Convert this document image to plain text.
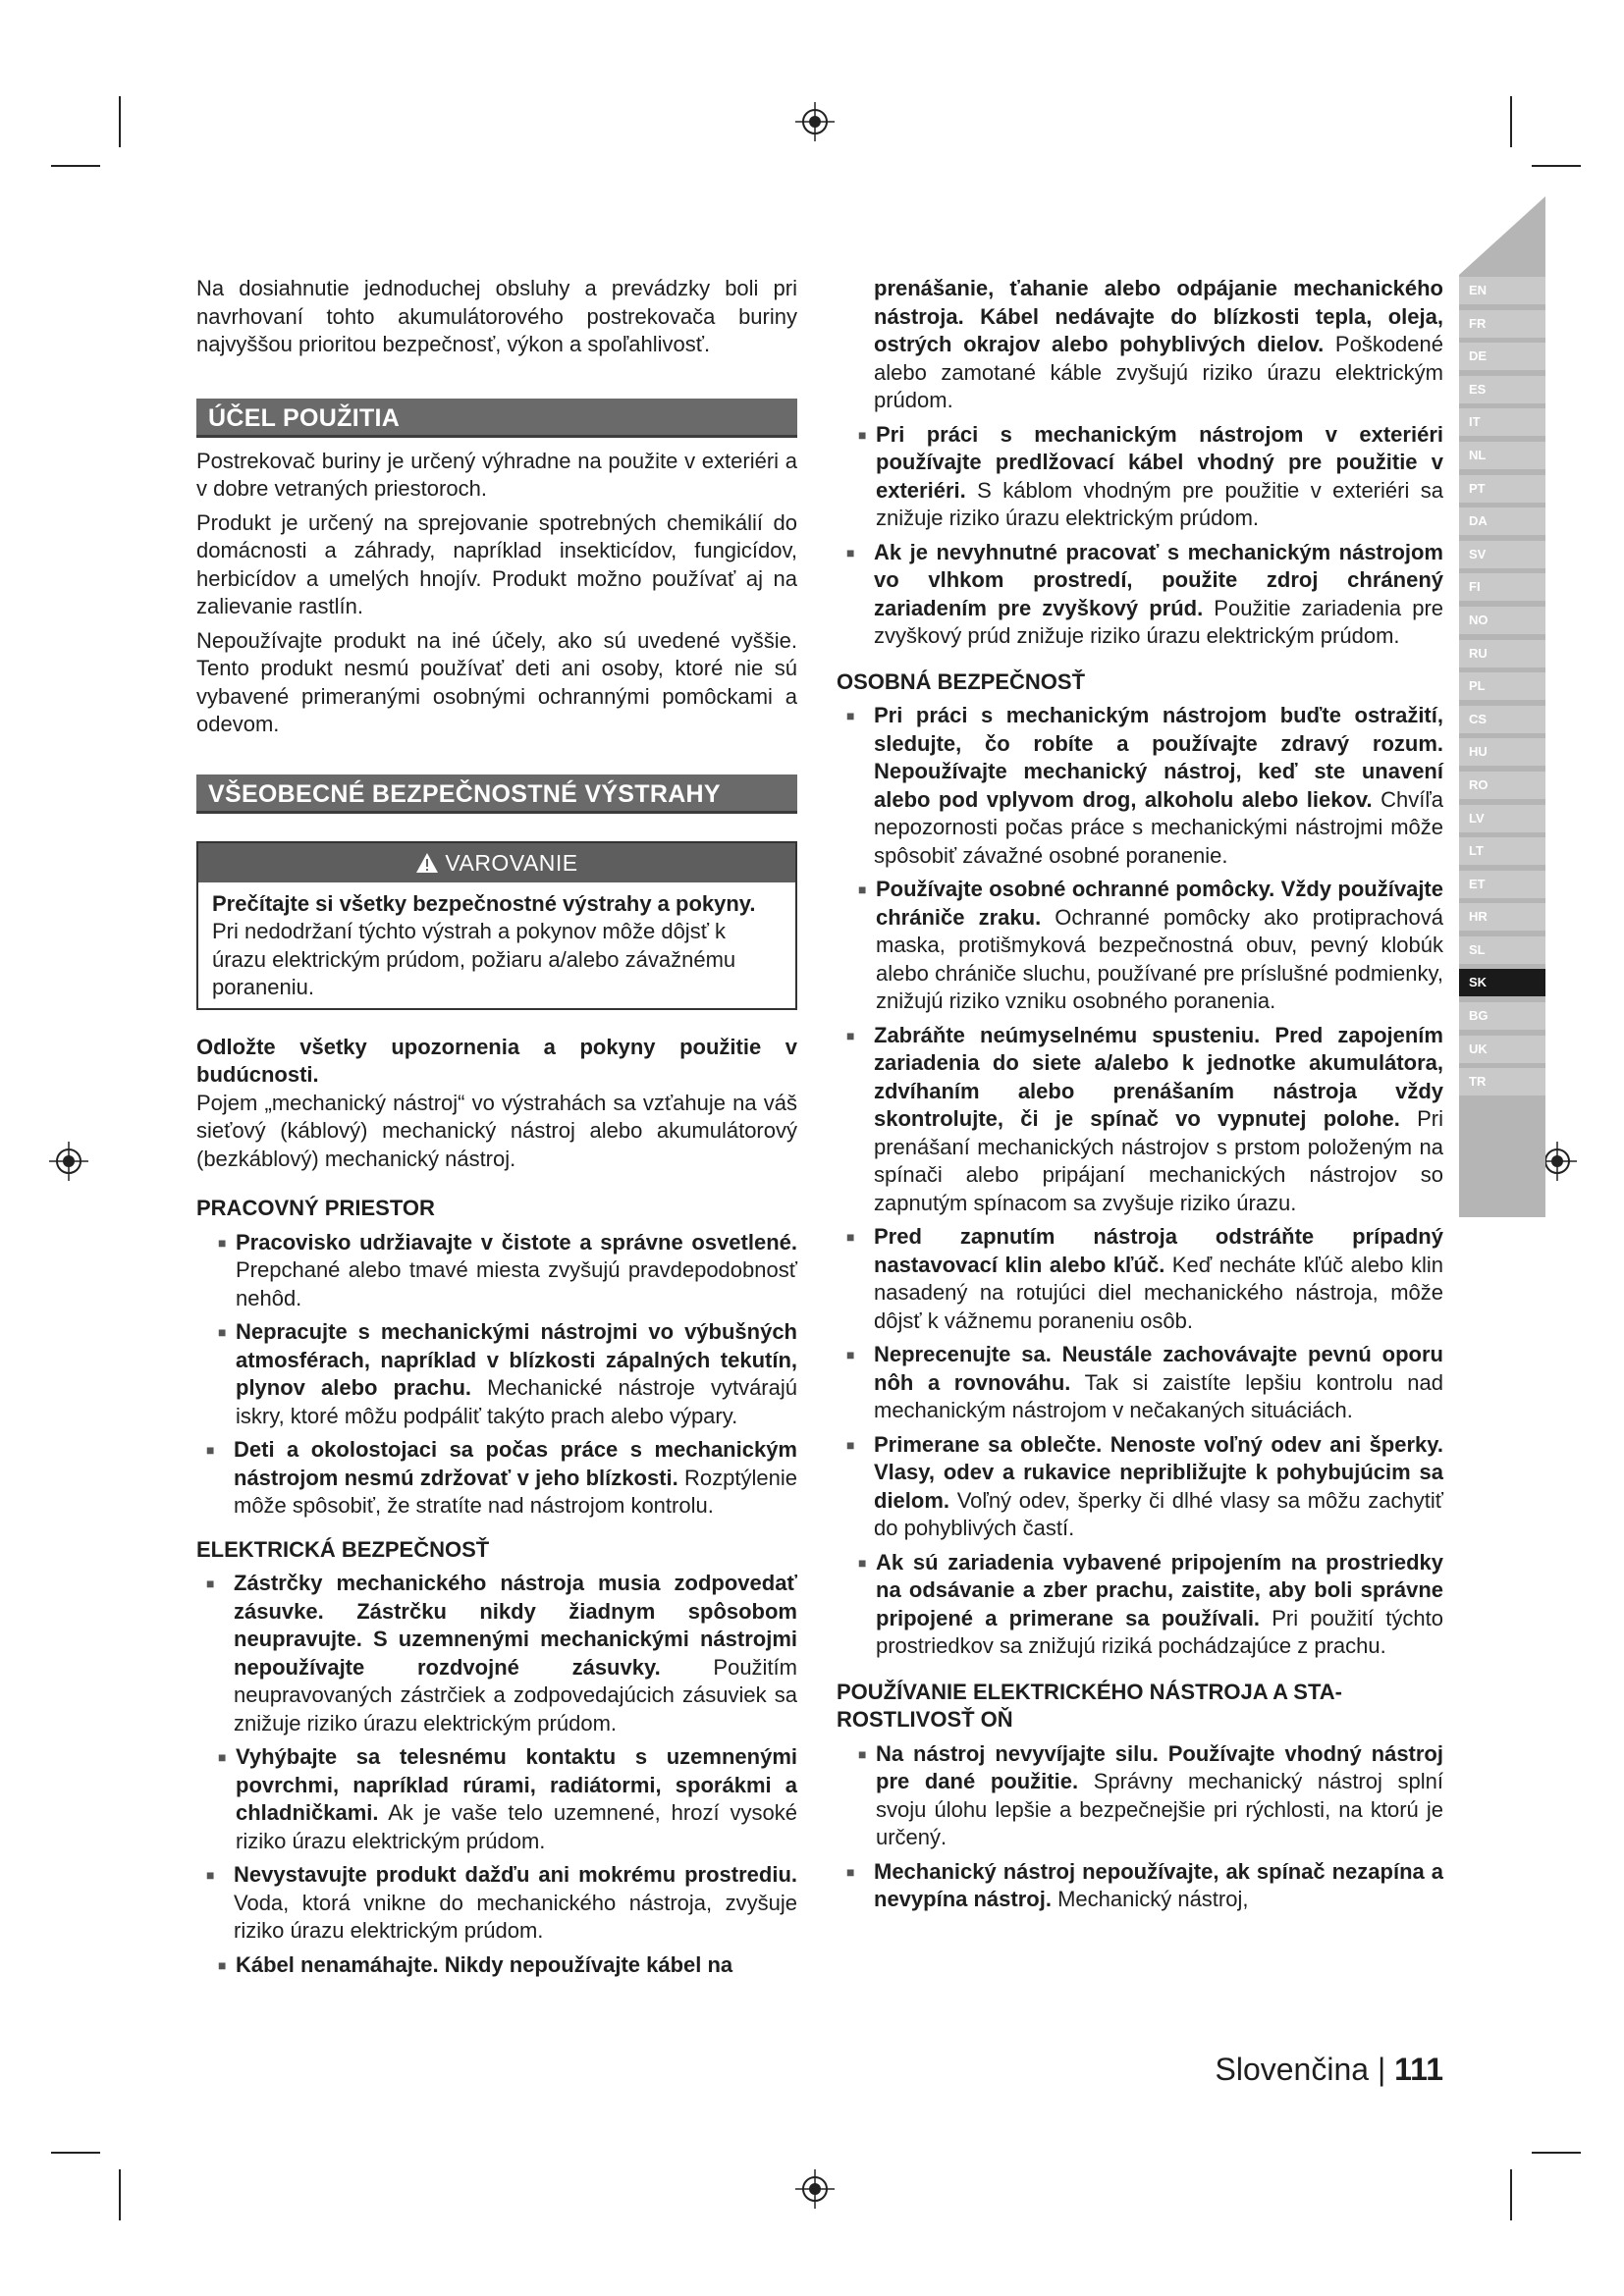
Na dosiahnutie jednoduchej obsluhy a prevádzky boli pri navrhovaní tohto akumulátorového postrekovača buriny najvyššou prioritou bezpečnosť, výkon a spoľahlivosť.

ÚČEL POUŽITIA

Postrekovač buriny je určený výhradne na použite v exteriéri a v dobre vetraných priestoroch.

Produkt je určený na sprejovanie spotrebných chemikálií do domácnosti a záhrady, napríklad insekticídov, fungicídov, herbicídov a umelých hnojív. Produkt možno používať aj na zalievanie rastlín.

Nepoužívajte produkt na iné účely, ako sú uvedené vyššie. Tento produkt nesmú používať deti ani osoby, ktoré nie sú vybavené primeranými osobnými ochrannými pomôckami a odevom.

VŠEOBECNÉ BEZPEČNOSTNÉ VÝSTRAHY
VAROVANIE

Prečítajte si všetky bezpečnostné výstrahy a pokyny.

Pri nedodržaní týchto výstrah a pokynov môže dôjsť k úrazu elektrickým prúdom, požiaru a/alebo závažnému poraneniu.

Odložte všetky upozornenia a pokyny použitie v budúcnosti.

Pojem „mechanický nástroj“ vo výstrahách sa vzťahuje na váš sieťový (káblový) mechanický nástroj alebo akumulátorový (bezkáblový) mechanický nástroj.

PRACOVNÝ PRIESTOR
■ Pracovisko udržiavajte v čistote a správne osvetlené. Prepchané alebo tmavé miesta zvyšujú pravdepodobnosť nehôd.
■ Nepracujte s mechanickými nástrojmi vo výbušných atmosférach, napríklad v blízkosti zápalných tekutín, plynov alebo prachu. Mechanické nástroje vytvárajú iskry, ktoré môžu podpáliť takýto prach alebo výpary.
■ Deti a okolostojaci sa počas práce s mechanickým nástrojom nesmú zdržovať v jeho blízkosti. Rozptýlenie môže spôsobiť, že stratíte nad nástrojom kontrolu.
ELEKTRICKÁ BEZPEČNOSŤ
■ Zástrčky mechanického nástroja musia zodpovedať zásuvke. Zástrčku nikdy žiadnym spôsobom neupravujte. S uzemnenými mechanickými nástrojmi nepoužívajte rozdvojné zásuvky. Použitím neupravovaných zástrčiek a zodpovedajúcich zásuviek sa znižuje riziko úrazu elektrickým prúdom.
■ Vyhýbajte sa telesnému kontaktu s uzemnenými povrchmi, napríklad rúrami, radiátormi, sporákmi a chladničkami. Ak je vaše telo uzemnené, hrozí vysoké riziko úrazu elektrickým prúdom.
■ Nevystavujte produkt dažďu ani mokrému prostrediu. Voda, ktorá vnikne do mechanického nástroja, zvyšuje riziko úrazu elektrickým prúdom.
■ Kábel nenamáhajte. Nikdy nepoužívajte kábel na
prenášanie, ťahanie alebo odpájanie mechanického nástroja. Kábel nedávajte do blízkosti tepla, oleja, ostrých okrajov alebo pohyblivých dielov. Poškodené alebo zamotané káble zvyšujú riziko úrazu elektrickým prúdom.
■ Pri práci s mechanickým nástrojom v exteriéri používajte predlžovací kábel vhodný pre použitie v exteriéri. S káblom vhodným pre použitie v exteriéri sa znižuje riziko úrazu elektrickým prúdom.
■ Ak je nevyhnutné pracovať s mechanickým nástrojom vo vlhkom prostredí, použite zdroj chránený zariadením pre zvyškový prúd. Použitie zariadenia pre zvyškový prúd znižuje riziko úrazu elektrickým prúdom.
OSOBNÁ BEZPEČNOSŤ
■ Pri práci s mechanickým nástrojom buďte ostražití, sledujte, čo robíte a používajte zdravý rozum. Nepoužívajte mechanický nástroj, keď ste unavení alebo pod vplyvom drog, alkoholu alebo liekov. Chvíľa nepozornosti počas práce s mechanickými nástrojmi môže spôsobiť závažné osobné poranenie.
■ Používajte osobné ochranné pomôcky. Vždy používajte chrániče zraku. Ochranné pomôcky ako protiprachová maska, protišmyková bezpečnostná obuv, pevný klobúk alebo chrániče sluchu, používané pre príslušné podmienky, znižujú riziko vzniku osobného poranenia.
■ Zabráňte neúmyselnému spusteniu. Pred zapojením zariadenia do siete a/alebo k jednotke akumulátora, zdvíhaním alebo prenášaním nástroja vždy skontrolujte, či je spínač vo vypnutej polohe. Pri prenášaní mechanických nástrojov s prstom položeným na spínači alebo pripájaní mechanických nástrojov so zapnutým spínacom sa zvyšuje riziko úrazu.
■ Pred zapnutím nástroja odstráňte prípadný nastavovací klin alebo kľúč. Keď necháte kľúč alebo klin nasadený na rotujúci diel mechanického nástroja, môže dôjsť k vážnemu poraneniu osôb.
■ Neprecenujte sa. Neustále zachovávajte pevnú oporu nôh a rovnováhu. Tak si zaistíte lepšiu kontrolu nad mechanickým nástrojom v nečakaných situáciách.
■ Primerane sa oblečte. Nenoste voľný odev ani šperky. Vlasy, odev a rukavice nepribližujte k pohybujúcim sa dielom. Voľný odev, šperky či dlhé vlasy sa môžu zachytiť do pohyblivých častí.
■ Ak sú zariadenia vybavené pripojením na prostriedky na odsávanie a zber prachu, zaistite, aby boli správne pripojené a primerane sa používali. Pri použití týchto prostriedkov sa znižujú riziká pochádzajúce z prachu.
POUŽÍVANIE ELEKTRICKÉHO NÁSTROJA A STA-ROSTLIVOSŤ OŇ
■ Na nástroj nevyvíjajte silu. Používajte vhodný nástroj pre dané použitie. Správny mechanický nástroj splní svoju úlohu lepšie a bezpečnejšie pri rýchlosti, na ktorú je určený.
■ Mechanický nástroj nepoužívajte, ak spínač nezapína a nevypína nástroj. Mechanický nástroj,
EN
FR
DE
ES
IT
NL
PT
DA
SV
FI
NO
RU
PL
CS
HU
RO
LV
LT
ET
HR
SL
SK
BG
UK
TR
Slovenčina | 111
